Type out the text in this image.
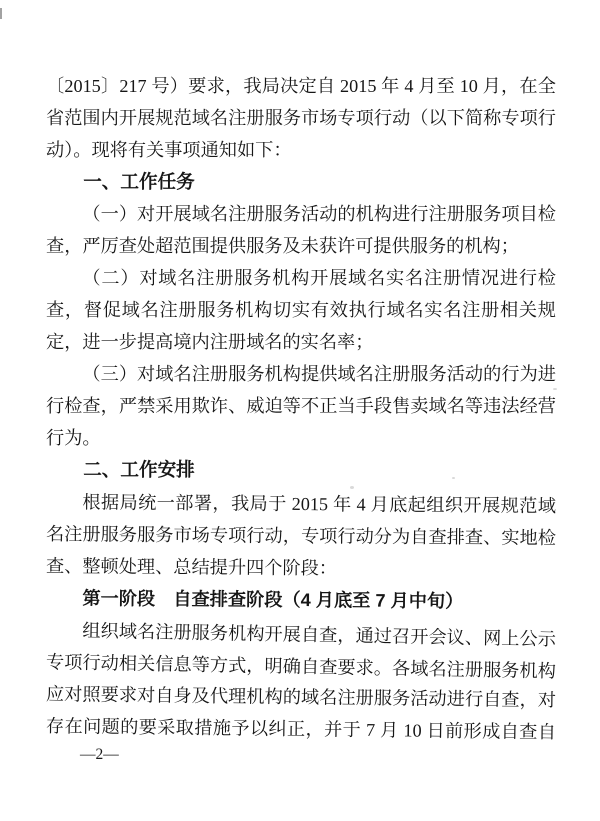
〔2015〕217 号）要求，我局决定自 2015 年 4 月至 10 月，在全
省范围内开展规范域名注册服务市场专项行动（以下简称专项行
动）。现将有关事项通知如下：
一、工作任务
（一）对开展域名注册服务活动的机构进行注册服务项目检
查，严厉查处超范围提供服务及未获许可提供服务的机构；
（二）对域名注册服务机构开展域名实名注册情况进行检
查，督促域名注册服务机构切实有效执行域名实名注册相关规
定，进一步提高境内注册域名的实名率；
（三）对域名注册服务机构提供域名注册服务活动的行为进
行检查，严禁采用欺诈、威迫等不正当手段售卖域名等违法经营
行为。
二、工作安排
根据局统一部署，我局于 2015 年 4 月底起组织开展规范域
名注册服务服务市场专项行动，专项行动分为自查排查、实地检
查、整顿处理、总结提升四个阶段：
第一阶段　自查排查阶段（4 月底至 7 月中旬）
组织域名注册服务机构开展自查，通过召开会议、网上公示
专项行动相关信息等方式，明确自查要求。各域名注册服务机构
应对照要求对自身及代理机构的域名注册服务活动进行自查，对
存在问题的要采取措施予以纠正，并于 7 月 10 日前形成自查自
—2—
